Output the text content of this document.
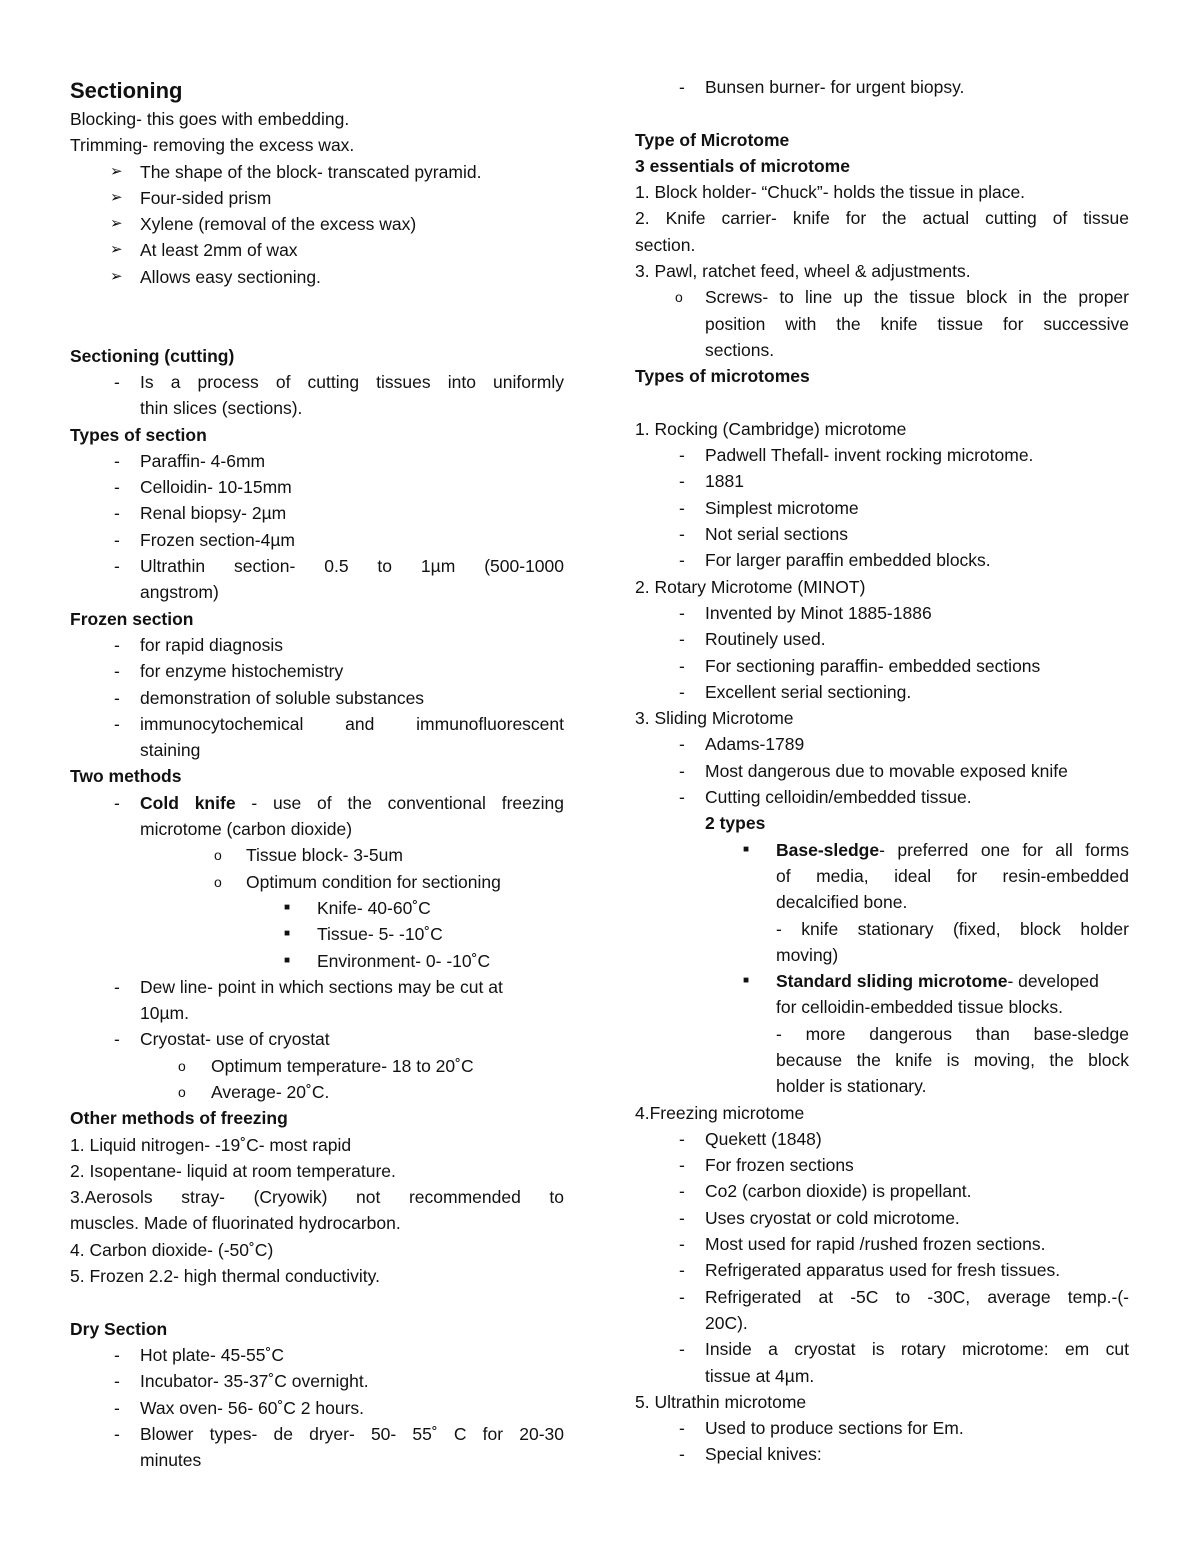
Sectioning
Blocking- this goes with embedding.
Trimming- removing the excess wax.
➢ The shape of the block- transcated pyramid.
➢ Four-sided prism
➢ Xylene (removal of the excess wax)
➢ At least 2mm of wax
➢ Allows easy sectioning.
Sectioning (cutting)
- Is a process of cutting tissues into uniformly
thin slices (sections).
Types of section
- Paraffin- 4-6mm
- Celloidin- 10-15mm
- Renal biopsy- 2µm
- Frozen section-4µm
- Ultrathin section- 0.5 to 1µm (500-1000
angstrom)
Frozen section
- for rapid diagnosis
- for enzyme histochemistry
- demonstration of soluble substances
- immunocytochemical and immunofluorescent
staining
Two methods
- Cold knife - use of the conventional freezing
microtome (carbon dioxide)
o Tissue block- 3-5um
o Optimum condition for sectioning
■ Knife- 40-60˚C
■ Tissue- 5- -10˚C
■ Environment- 0- -10˚C
- Dew line- point in which sections may be cut at
10µm.
- Cryostat- use of cryostat
o Optimum temperature- 18 to 20˚C
o Average- 20˚C.
Other methods of freezing
1. Liquid nitrogen- -19˚C- most rapid
2. Isopentane- liquid at room temperature.
3.Aerosols stray- (Cryowik) not recommended to
muscles. Made of fluorinated hydrocarbon.
4. Carbon dioxide- (-50˚C)
5. Frozen 2.2- high thermal conductivity.
Dry Section
- Hot plate- 45-55˚C
- Incubator- 35-37˚C overnight.
- Wax oven- 56- 60˚C 2 hours.
- Blower types- de dryer- 50- 55˚ C for 20-30
minutes
- Bunsen burner- for urgent biopsy.
Type of Microtome
3 essentials of microtome
1. Block holder- “Chuck”- holds the tissue in place.
2. Knife carrier- knife for the actual cutting of tissue
section.
3. Pawl, ratchet feed, wheel & adjustments.
o Screws- to line up the tissue block in the proper
position with the knife tissue for successive
sections.
Types of microtomes
1. Rocking (Cambridge) microtome
- Padwell Thefall- invent rocking microtome.
- 1881
- Simplest microtome
- Not serial sections
- For larger paraffin embedded blocks.
2. Rotary Microtome (MINOT)
- Invented by Minot 1885-1886
- Routinely used.
- For sectioning paraffin- embedded sections
- Excellent serial sectioning.
3. Sliding Microtome
- Adams-1789
- Most dangerous due to movable exposed knife
- Cutting celloidin/embedded tissue.
2 types
■ Base-sledge- preferred one for all forms
of media, ideal for resin-embedded
decalcified bone.
- knife stationary (fixed, block holder
moving)
■ Standard sliding microtome- developed
for celloidin-embedded tissue blocks.
- more dangerous than base-sledge
because the knife is moving, the block
holder is stationary.
4.Freezing microtome
- Quekett (1848)
- For frozen sections
- Co2 (carbon dioxide) is propellant.
- Uses cryostat or cold microtome.
- Most used for rapid /rushed frozen sections.
- Refrigerated apparatus used for fresh tissues.
- Refrigerated at -5C to -30C, average temp.-(-
20C).
- Inside a cryostat is rotary microtome: em cut
tissue at 4µm.
5. Ultrathin microtome
- Used to produce sections for Em.
- Special knives:
